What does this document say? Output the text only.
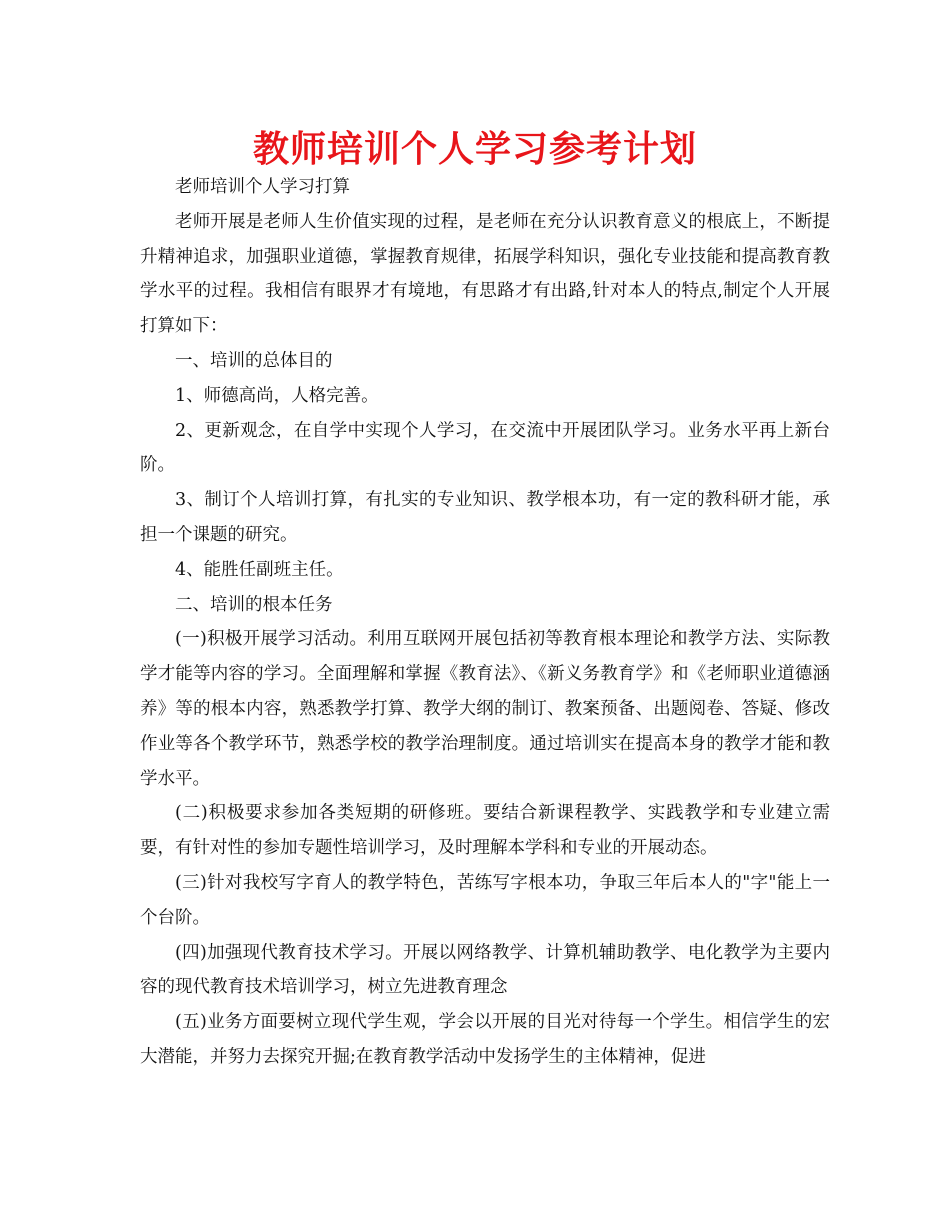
教师培训个人学习参考计划

老师培训个人学习打算

老师开展是老师人生价值实现的过程，是老师在充分认识教育意义的根底上，不断提升精神追求，加强职业道德，掌握教育规律，拓展学科知识，强化专业技能和提高教育教学水平的过程。我相信有眼界才有境地，有思路才有出路,针对本人的特点,制定个人开展打算如下：

一、培训的总体目的

1、师德高尚，人格完善。

2、更新观念，在自学中实现个人学习，在交流中开展团队学习。业务水平再上新台阶。

3、制订个人培训打算，有扎实的专业知识、教学根本功，有一定的教科研才能，承担一个课题的研究。

4、能胜任副班主任。

二、培训的根本任务

(一)积极开展学习活动。利用互联网开展包括初等教育根本理论和教学方法、实际教学才能等内容的学习。全面理解和掌握《教育法》、《新义务教育学》和《老师职业道德涵养》等的根本内容，熟悉教学打算、教学大纲的制订、教案预备、出题阅卷、答疑、修改作业等各个教学环节，熟悉学校的教学治理制度。通过培训实在提高本身的教学才能和教学水平。

(二)积极要求参加各类短期的研修班。要结合新课程教学、实践教学和专业建立需要，有针对性的参加专题性培训学习，及时理解本学科和专业的开展动态。

(三)针对我校写字育人的教学特色，苦练写字根本功，争取三年后本人的"字"能上一个台阶。

(四)加强现代教育技术学习。开展以网络教学、计算机辅助教学、电化教学为主要内容的现代教育技术培训学习，树立先进教育理念

(五)业务方面要树立现代学生观，学会以开展的目光对待每一个学生。相信学生的宏大潜能，并努力去探究开掘;在教育教学活动中发扬学生的主体精神，促进
